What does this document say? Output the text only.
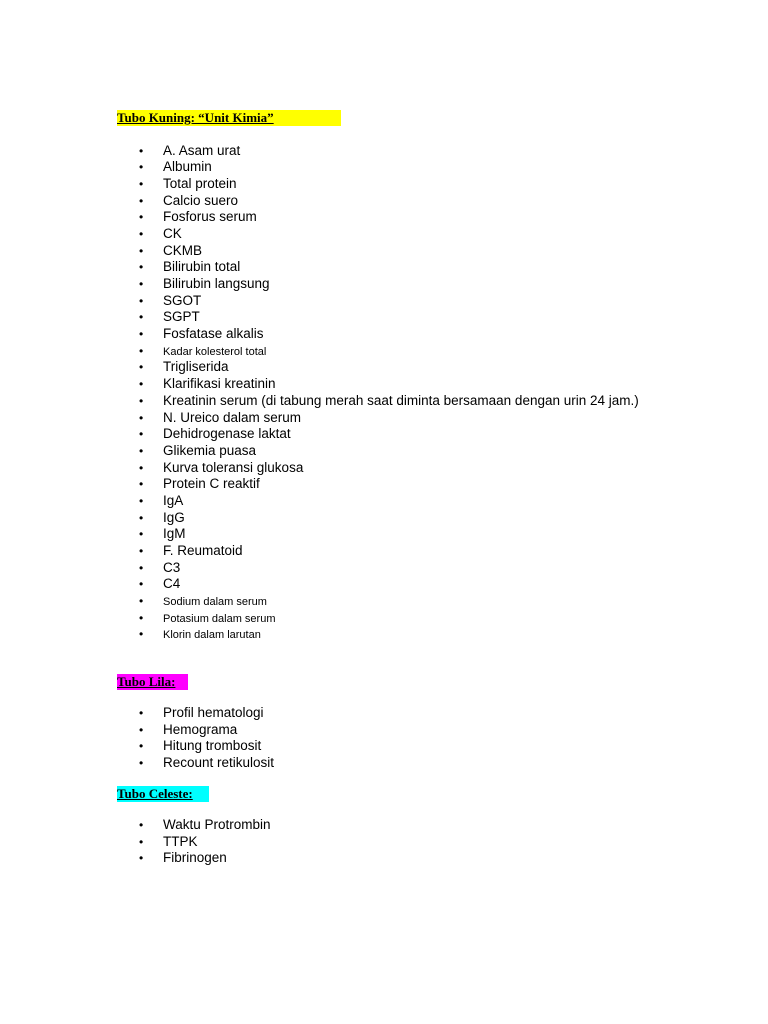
Tubo Kuning: “Unit Kimia”
• A. Asam urat
• Albumin
• Total protein
• Calcio suero
• Fosforus serum
• CK
• CKMB
• Bilirubin total
• Bilirubin langsung
• SGOT
• SGPT
• Fosfatase alkalis
• Kadar kolesterol total
• Trigliserida
• Klarifikasi kreatinin
• Kreatinin serum (di tabung merah saat diminta bersamaan dengan urin 24 jam.)
• N. Ureico dalam serum
• Dehidrogenase laktat
• Glikemia puasa
• Kurva toleransi glukosa
• Protein C reaktif
• IgA
• IgG
• IgM
• F. Reumatoid
• C3
• C4
• Sodium dalam serum
• Potasium dalam serum
• Klorin dalam larutan
Tubo Lila:
• Profil hematologi
• Hemograma
• Hitung trombosit
• Recount retikulosit
Tubo Celeste:
• Waktu Protrombin
• TTPK
• Fibrinogen
